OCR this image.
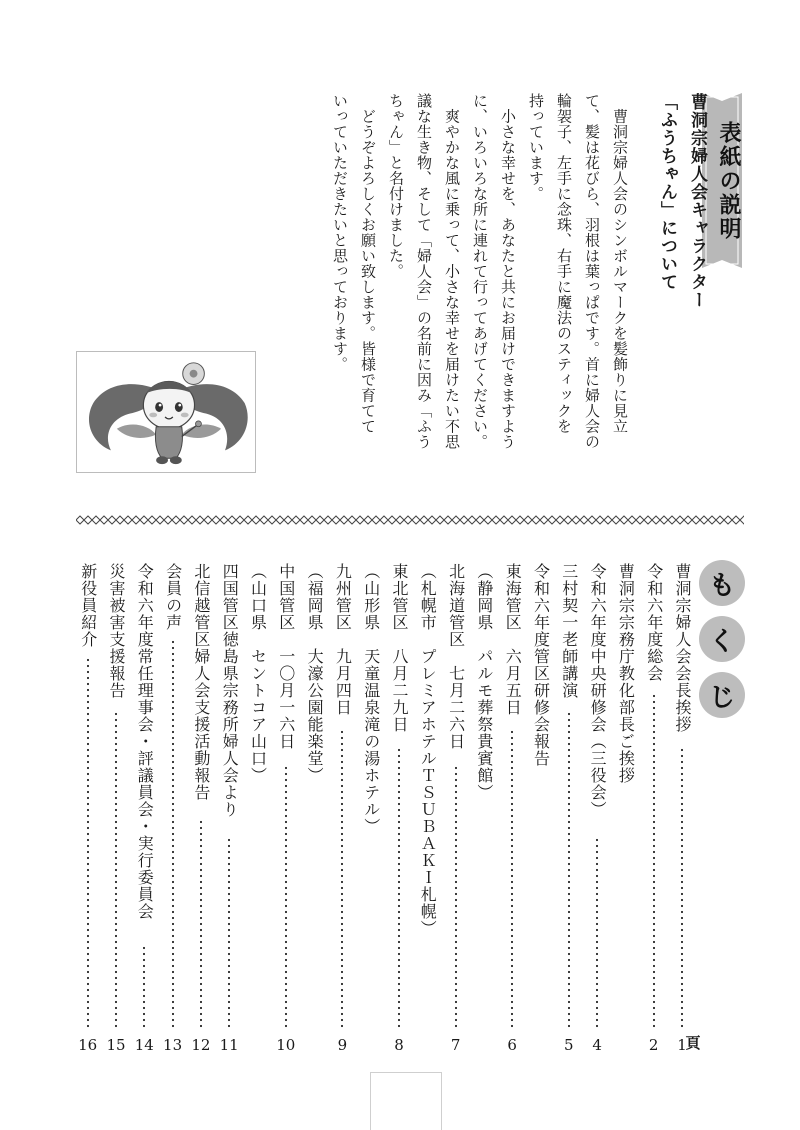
表紙の説明

曹洞宗婦人会キャラクター

「ふうちゃん」について

　曹洞宗婦人会のシンボルマークを髪飾りに見立

て、髪は花びら、羽根は葉っぱです。首に婦人会の

輪袈子、左手に念珠、右手に魔法のスティックを

持っています。

　小さな幸せを、あなたと共にお届けできますよう

に、いろいろな所に連れて行ってあげてください。

　爽やかな風に乗って、小さな幸せを届けたい不思

議な生き物、そして「婦人会」の名前に因み「ふう

ちゃん」と名付けました。

　どうぞよろしくお願い致します。皆様で育てて

いっていただきたいと思っております。

も
く
じ
頁
曹洞宗婦人会会長挨拶
1
令和六年度総会
2
曹洞宗宗務庁教化部長ご挨拶
令和六年度中央研修会（三役会）
4
三村契一老師講演
5
令和六年度管区研修会報告
東海管区　六月五日
6
（静岡県　パルモ葬祭貴賓館）
北海道管区　七月二六日
7
（札幌市　プレミアホテルＴＳＵＢＡＫＩ札幌）
東北管区　八月二九日
8
（山形県　天童温泉滝の湯ホテル）
九州管区　九月四日
9
（福岡県　大濠公園能楽堂）
中国管区　一〇月一六日
10
（山口県　セントコア山口）
四国管区徳島県宗務所婦人会より
11
北信越管区婦人会支援活動報告
12
会員の声
13
令和六年度常任理事会・評議員会・実行委員会
14
災害被害支援報告
15
新役員紹介
16
